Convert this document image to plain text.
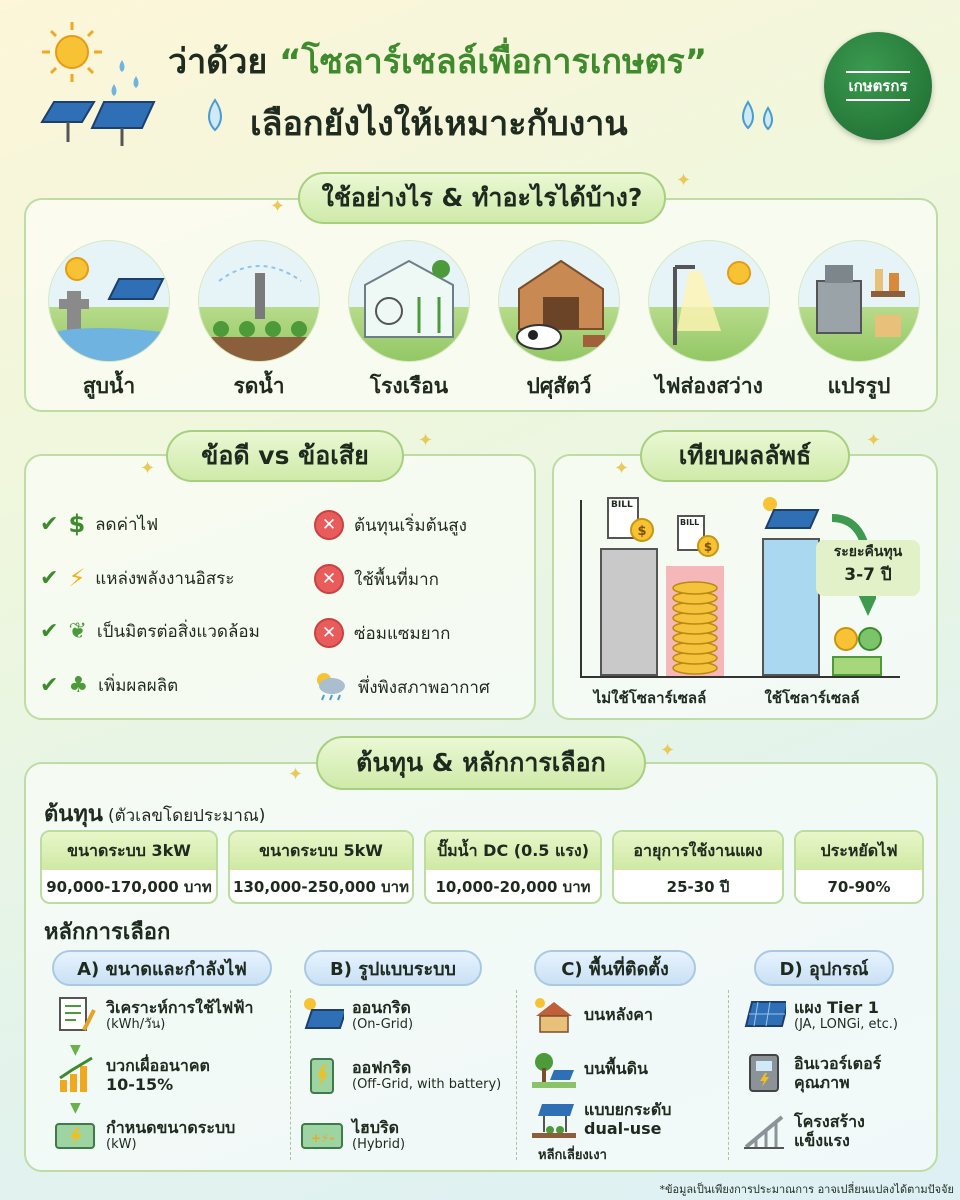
ว่าด้วย “โซลาร์เซลล์เพื่อการเกษตร”
เลือกยังไงให้เหมาะกับงาน
เกษตรกร
ใช้อย่างไร & ทำอะไรได้บ้าง?
✦
✦
สูบน้ำ	รดน้ำ	โรงเรือน	ปศุสัตว์	ไฟส่องสว่าง	แปรรูป
ข้อดี vs ข้อเสีย
✦
✦
✔ $ ลดค่าไฟ
✔ ⚡ แหล่งพลังงานอิสระ
✔ ❦ เป็นมิตรต่อสิ่งแวดล้อม
✔ ♣ เพิ่มผลผลิต
✕	ต้นทุนเริ่มต้นสูง
✕	ใช้พื้นที่มาก
✕	ซ่อมแซมยาก
พึ่งพิงสภาพอากาศ
เทียบผลลัพธ์
✦
✦
$
BILL
$
BILL
ระยะคืนทุน
3-7 ปี
ไม่ใช้โซลาร์เซลล์	ใช้โซลาร์เซลล์
ต้นทุน & หลักการเลือก
✦
✦
ต้นทุน (ตัวเลขโดยประมาณ)
ขนาดระบบ 3kW
90,000-170,000 บาท
ขนาดระบบ 5kW
130,000-250,000 บาท
ปั๊มน้ำ DC (0.5 แรง)
10,000-20,000 บาท
อายุการใช้งานแผง
25-30 ปี
ประหยัดไฟ
70-90%
หลักการเลือก
A) ขนาดและกำลังไฟ	B) รูปแบบระบบ	C) พื้นที่ติดตั้ง	D) อุปกรณ์
วิเคราะห์การใช้ไฟฟ้า
(kWh/วัน)
▼
บวกเผื่ออนาคต
10-15%
▼
กำหนดขนาดระบบ
(kW)
ออนกริด
(On-Grid)
ออฟกริด
(Off-Grid, with battery)
+⚡-
ไฮบริด
(Hybrid)
บนหลังคา
บนพื้นดิน
แบบยกระดับ
dual-use
หลีกเลี่ยงเงา
แผง Tier 1
(JA, LONGi, etc.)
อินเวอร์เตอร์
คุณภาพ
โครงสร้าง
แข็งแรง
*ข้อมูลเป็นเพียงการประมาณการ อาจเปลี่ยนแปลงได้ตามปัจจัย
